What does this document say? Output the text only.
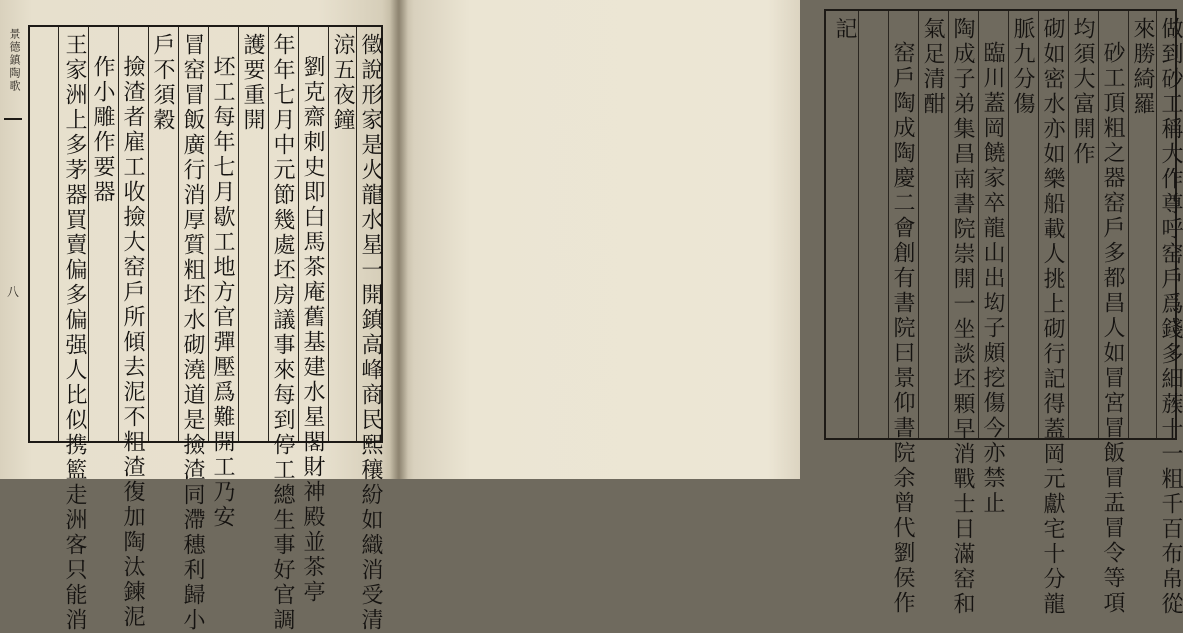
徵說形家是火龍水星一開鎮高峰商民熙穰紛如織消受清
涼五夜鐘
劉克齋刺史即白馬茶庵舊基建水星閣財神殿並茶亭
年年七月中元節幾處坯房議事來每到停工總生事好官調
護要重開
坯工每年七月歇工地方官彈壓爲難開工乃安
冒窑冒飯廣行消厚質粗坯水砌澆道是撿渣同滯穗利歸小
戶不須穀
撿渣者雇工收撿大窑戶所傾去泥不粗渣復加陶汰鍊泥
作小雕作要器
王家洲上多茅器買賣偏多偏强人比似携籃走洲客只能消
景德鎮陶歌
八	做到砂工稱大作尊呼窑戶爲錢多細蔟十一粗千百布帛從
來勝綺羅
砂工頂粗之器窑戶多都昌人如冒宮冒飯冒盂冒令等項
均須大富開作
砌如密水亦如樂船載人挑上砌行記得蓋岡元獻宅十分龍
脈九分傷
臨川蓋岡饒家卒龍山出㘭子頗挖傷今亦禁止
陶成子弟集昌南書院崇開一坐談坯顆早消戰士日滿窑和
氣足清酣
窑戶陶成陶慶二會創有書院曰景仰書院余曾代劉侯作
記
